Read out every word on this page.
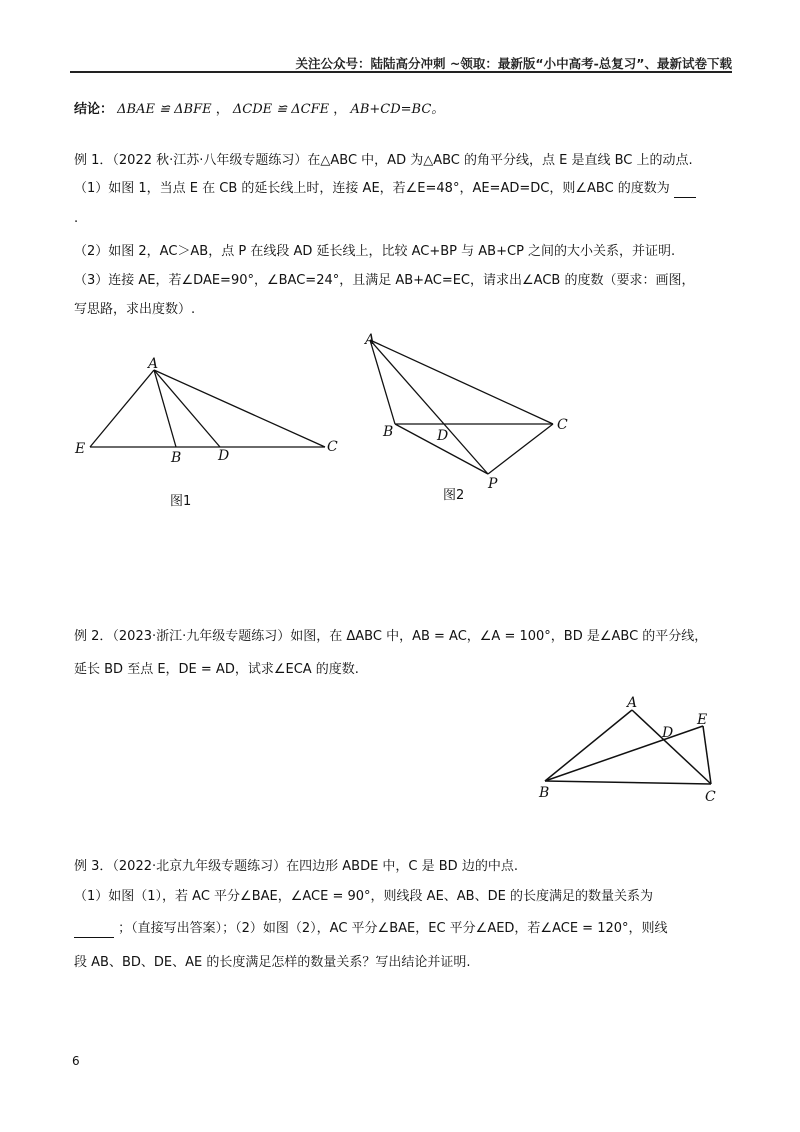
关注公众号：陆陆高分冲刺 ~领取：最新版“小中高考-总复习”、最新试卷下载
结论： ΔBAE ≌ ΔBFE ， ΔCDE ≌ ΔCFE ， AB+CD=BC。
例 1．（2022 秋·江苏·八年级专题练习）在△ABC 中，AD 为△ABC 的角平分线，点 E 是直线 BC 上的动点.
（1）如图 1，当点 E 在 CB 的延长线上时，连接 AE，若∠E=48°，AE=AD=DC，则∠ABC 的度数为
.
（2）如图 2，AC＞AB，点 P 在线段 AD 延长线上，比较 AC+BP 与 AB+CP 之间的大小关系，并证明.
（3）连接 AE，若∠DAE=90°，∠BAC=24°，且满足 AB+AC=EC，请求出∠ACB 的度数（要求：画图，
写思路，求出度数）.
A
E
B	D
C
图1
A
B	D
C
P
图2
例 2．（2023·浙江·九年级专题练习）如图，在 ΔABC 中，AB = AC，∠A = 100°，BD 是∠ABC 的平分线，
延长 BD 至点 E，DE = AD，试求∠ECA 的度数.
A
D
E
B	C
例 3．（2022·北京九年级专题练习）在四边形 ABDE 中，C 是 BD 边的中点.
（1）如图（1），若 AC 平分∠BAE，∠ACE = 90°，则线段 AE、AB、DE 的长度满足的数量关系为
；（直接写出答案）；（2）如图（2），AC 平分∠BAE，EC 平分∠AED，若∠ACE = 120°，则线
段 AB、BD、DE、AE 的长度满足怎样的数量关系？写出结论并证明.
6
